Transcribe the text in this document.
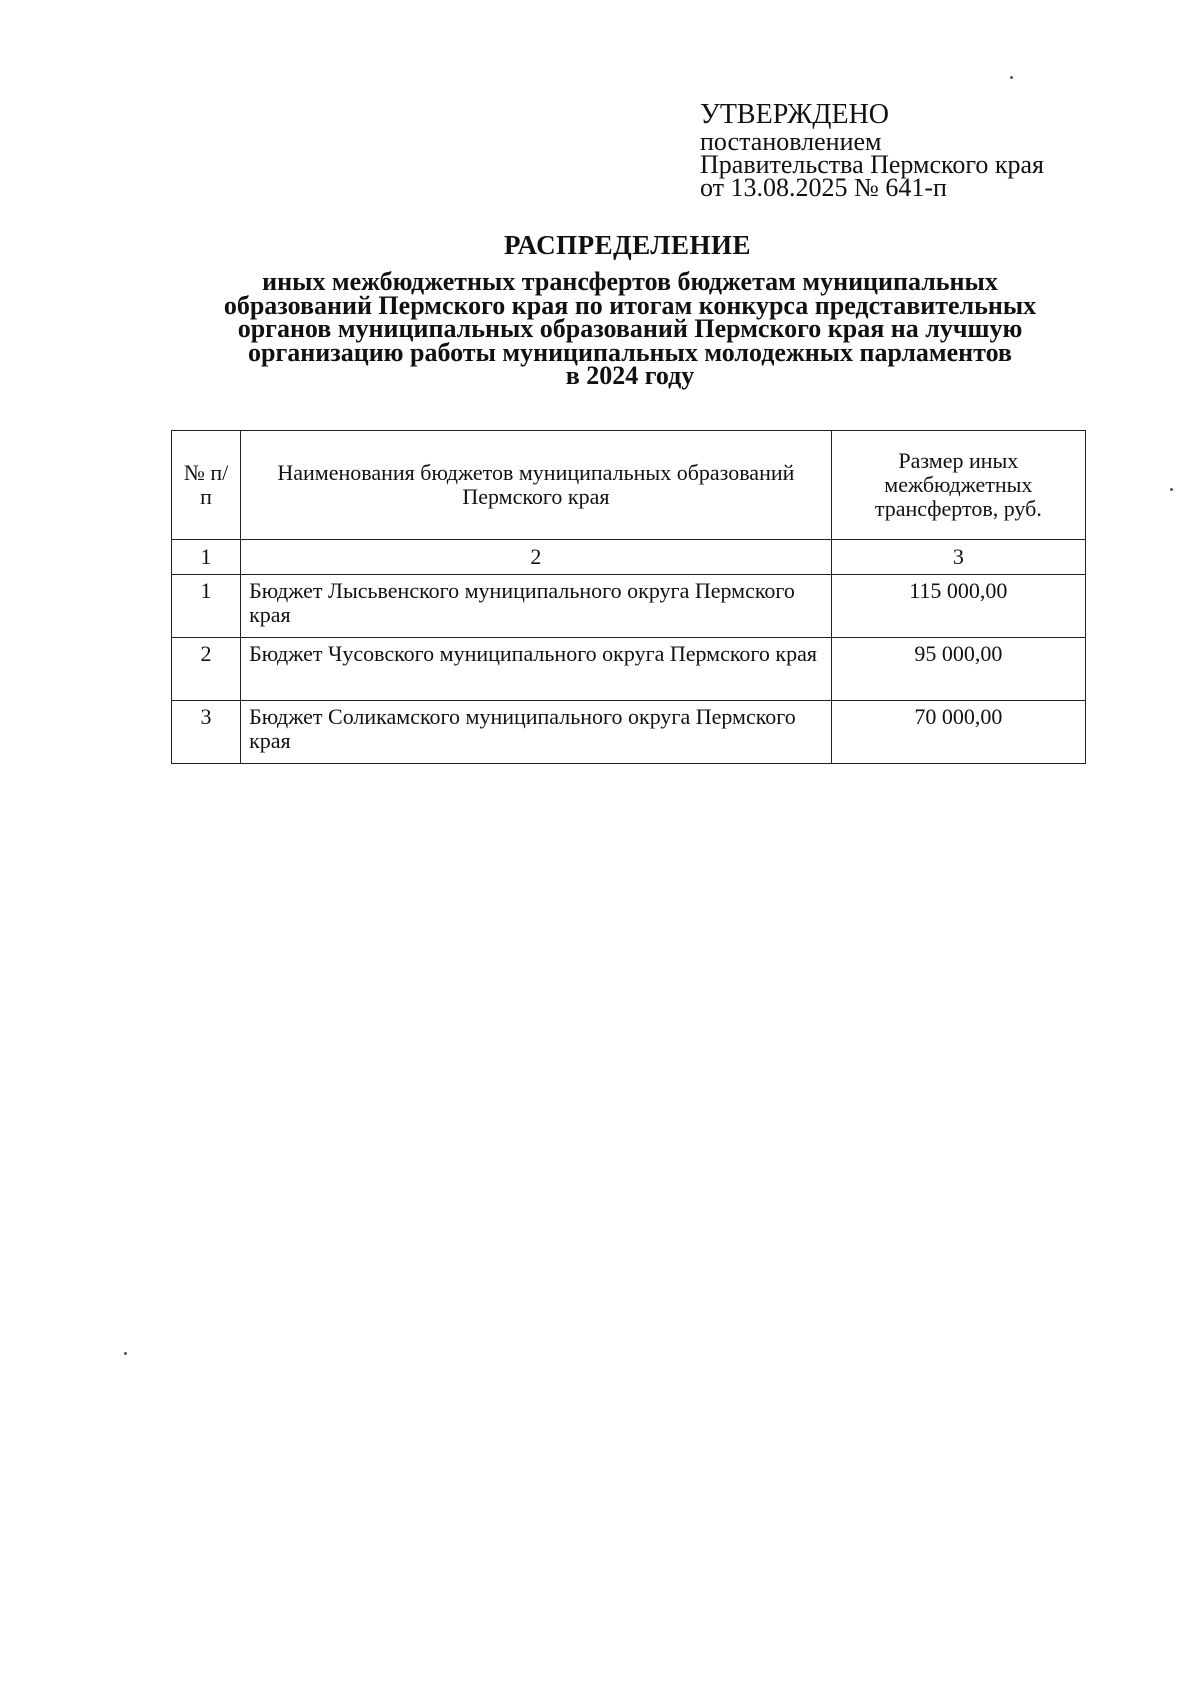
УТВЕРЖДЕНО
постановлением
Правительства Пермского края
от 13.08.2025 № 641-п
РАСПРЕДЕЛЕНИЕ
иных межбюджетных трансфертов бюджетам муниципальных
образований Пермского края по итогам конкурса представительных
органов муниципальных образований Пермского края на лучшую
организацию работы муниципальных молодежных парламентов
в 2024 году
№ п/п	Наименования бюджетов муниципальных образований Пермского края	Размер иных межбюджетных трансфертов, руб.
1	2	3
1	Бюджет Лысьвенского муниципального округа Пермского края	115 000,00
2	Бюджет Чусовского муниципального округа Пермского края	95 000,00
3	Бюджет Соликамского муниципального округа Пермского края	70 000,00
